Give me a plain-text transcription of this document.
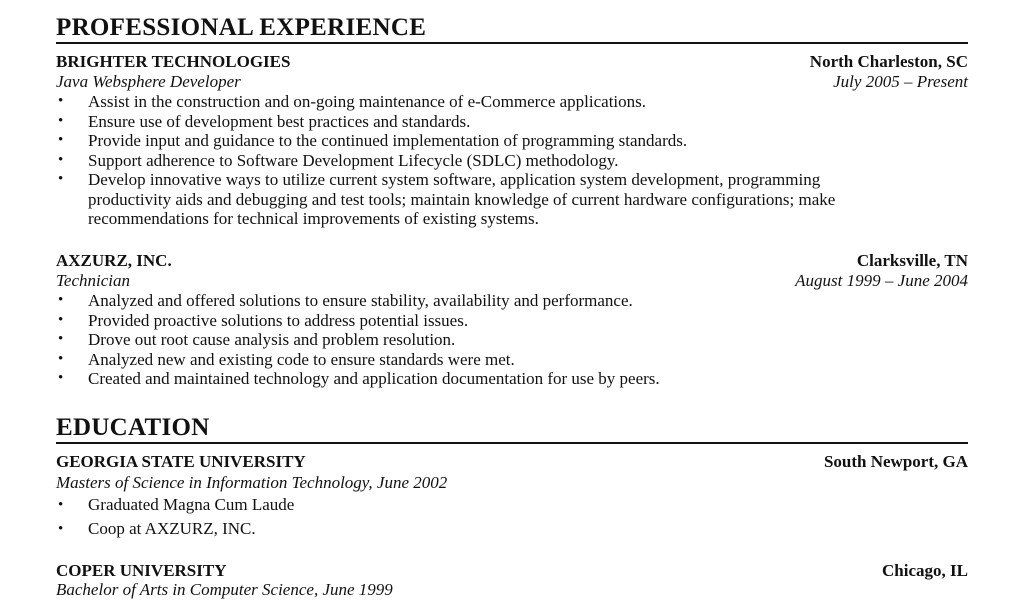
PROFESSIONAL EXPERIENCE
BRIGHTER TECHNOLOGIES	North Charleston, SC
Java Websphere Developer	July 2005 – Present
• Assist in the construction and on-going maintenance of e-Commerce applications.
• Ensure use of development best practices and standards.
• Provide input and guidance to the continued implementation of programming standards.
• Support adherence to Software Development Lifecycle (SDLC) methodology.
• Develop innovative ways to utilize current system software, application system development, programming productivity aids and debugging and test tools; maintain knowledge of current hardware configurations; make recommendations for technical improvements of existing systems.
AXZURZ, INC.	Clarksville, TN
Technician	August 1999 – June 2004
• Analyzed and offered solutions to ensure stability, availability and performance.
• Provided proactive solutions to address potential issues.
• Drove out root cause analysis and problem resolution.
• Analyzed new and existing code to ensure standards were met.
• Created and maintained technology and application documentation for use by peers.
EDUCATION
GEORGIA STATE UNIVERSITY	South Newport, GA
Masters of Science in Information Technology, June 2002
• Graduated Magna Cum Laude
• Coop at AXZURZ, INC.
COPER UNIVERSITY	Chicago, IL
Bachelor of Arts in Computer Science, June 1999
